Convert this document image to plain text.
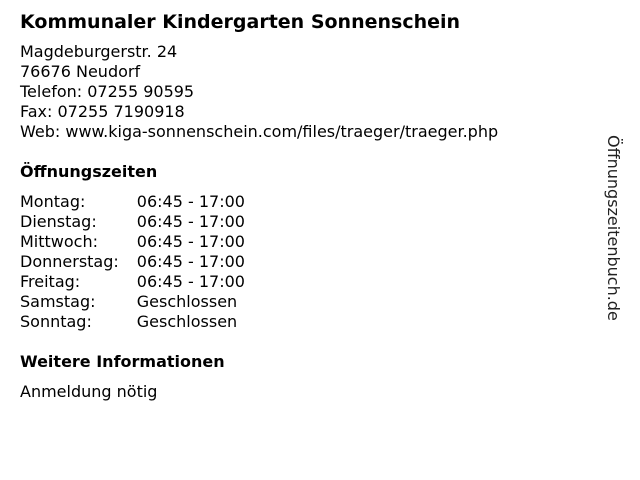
Kommunaler Kindergarten Sonnenschein
Magdeburgerstr. 24
76676 Neudorf
Telefon: 07255 90595
Fax: 07255 7190918
Web: www.kiga-sonnenschein.com/files/traeger/traeger.php
Öffnungszeiten
Montag:	06:45 - 17:00
Dienstag:	06:45 - 17:00
Mittwoch:	06:45 - 17:00
Donnerstag:	06:45 - 17:00
Freitag:	06:45 - 17:00
Samstag:	Geschlossen
Sonntag:	Geschlossen
Weitere Informationen
Anmeldung nötig
Öffnungszeitenbuch.de
